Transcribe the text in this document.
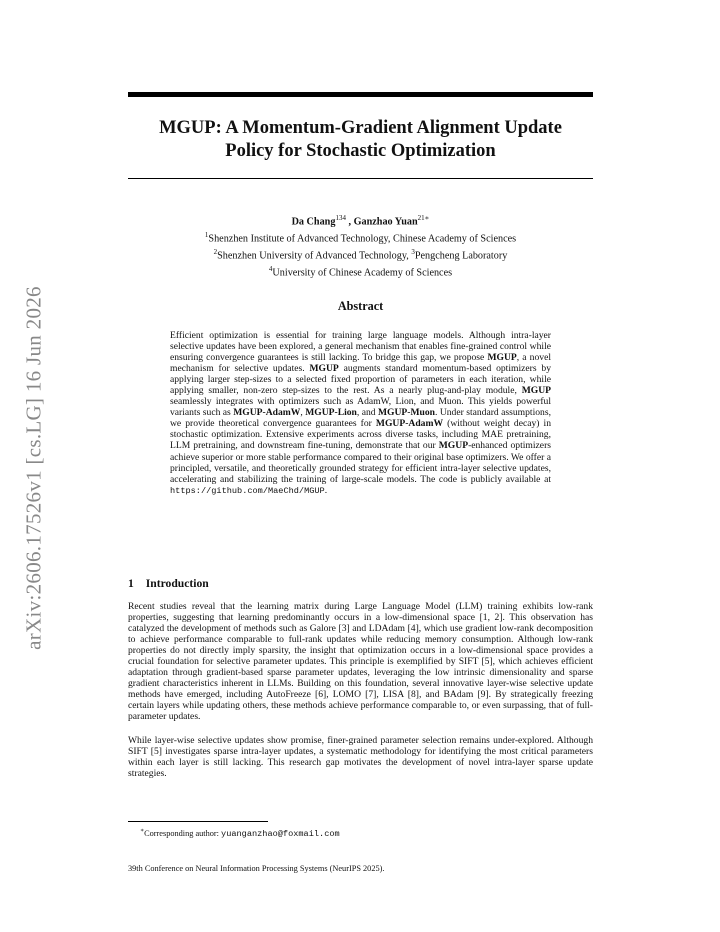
arXiv:2606.17526v1 [cs.LG] 16 Jun 2026
MGUP: A Momentum-Gradient Alignment Update
Policy for Stochastic Optimization
Da Chang$^{134}$ , Ganzhao Yuan$^{21∗}$
$^1$Shenzhen Institute of Advanced Technology, Chinese Academy of Sciences
$^2$Shenzhen University of Advanced Technology, $^3$Pengcheng Laboratory
$^4$University of Chinese Academy of Sciences
Abstract
Efficient optimization is essential for training large language models. Although intra-layer selective updates have been explored, a general mechanism that enables fine-grained control while ensuring convergence guarantees is still lacking. To bridge this gap, we propose MGUP, a novel mechanism for selective updates. MGUP augments standard momentum-based optimizers by applying larger step-sizes to a selected fixed proportion of parameters in each iteration, while applying smaller, non-zero step-sizes to the rest. As a nearly plug-and-play module, MGUP seamlessly integrates with optimizers such as AdamW, Lion, and Muon. This yields powerful variants such as MGUP-AdamW, MGUP-Lion, and MGUP-Muon. Under standard assumptions, we provide theoretical convergence guarantees for MGUP-AdamW (without weight decay) in stochastic optimization. Extensive experiments across diverse tasks, including MAE pretraining, LLM pretraining, and downstream fine-tuning, demonstrate that our MGUP-enhanced optimizers achieve superior or more stable performance compared to their original base optimizers. We offer a principled, versatile, and theoretically grounded strategy for efficient intra-layer selective updates, accelerating and stabilizing the training of large-scale models. The code is publicly available at https://github.com/MaeChd/MGUP.
1 Introduction
Recent studies reveal that the learning matrix during Large Language Model (LLM) training exhibits low-rank properties, suggesting that learning predominantly occurs in a low-dimensional space [1, 2]. This observation has catalyzed the development of methods such as Galore [3] and LDAdam [4], which use gradient low-rank decomposition to achieve performance comparable to full-rank updates while reducing memory consumption. Although low-rank properties do not directly imply sparsity, the insight that optimization occurs in a low-dimensional space provides a crucial foundation for selective parameter updates. This principle is exemplified by SIFT [5], which achieves efficient adaptation through gradient-based sparse parameter updates, leveraging the low intrinsic dimensionality and sparse gradient characteristics inherent in LLMs. Building on this foundation, several innovative layer-wise selective update methods have emerged, including AutoFreeze [6], LOMO [7], LISA [8], and BAdam [9]. By strategically freezing certain layers while updating others, these methods achieve performance comparable to, or even surpassing, that of full-parameter updates.
While layer-wise selective updates show promise, finer-grained parameter selection remains under-explored. Although SIFT [5] investigates sparse intra-layer updates, a systematic methodology for identifying the most critical parameters within each layer is still lacking. This research gap motivates the development of novel intra-layer sparse update strategies.
∗Corresponding author: yuanganzhao@foxmail.com
39th Conference on Neural Information Processing Systems (NeurIPS 2025).
